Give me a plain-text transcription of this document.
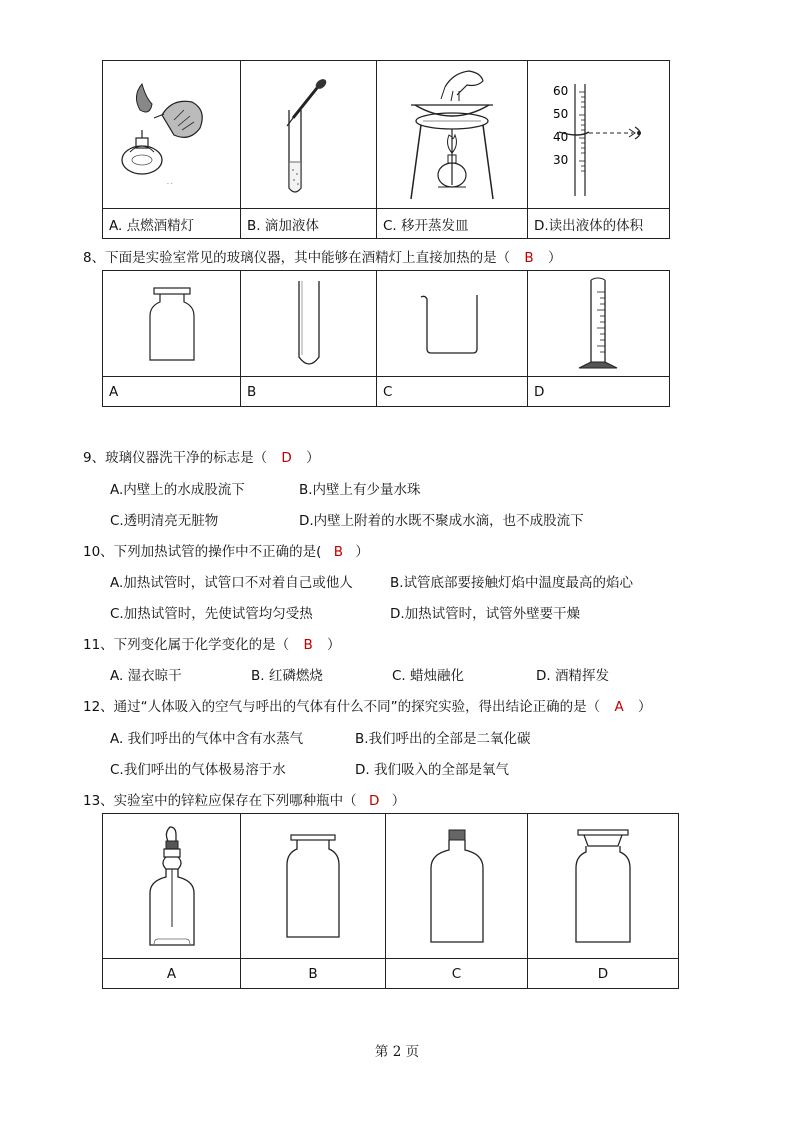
. .			60
50
40
30

A. 点燃酒精灯	B. 滴加液体	C. 移开蒸发皿	D.读出液体的体积
8、下面是实验室常见的玻璃仪器，其中能够在酒精灯上直接加热的是（ B ）

A	B	C	D
9、玻璃仪器洗干净的标志是（ D ）
A.内壁上的水成股流下	B.内壁上有少量水珠
C.透明清亮无脏物	D.内壁上附着的水既不聚成水滴，也不成股流下
10、下列加热试管的操作中不正确的是( B ）
A.加热试管时，试管口不对着自己或他人	B.试管底部要接触灯焰中温度最高的焰心
C.加热试管时，先使试管均匀受热	D.加热试管时，试管外壁要干燥
11、下列变化属于化学变化的是（ B ）
A. 湿衣晾干	B. 红磷燃烧	C. 蜡烛融化	D. 酒精挥发
12、通过“人体吸入的空气与呼出的气体有什么不同”的探究实验，得出结论正确的是（ A ）
A. 我们呼出的气体中含有水蒸气	B.我们呼出的全部是二氧化碳
C.我们呼出的气体极易溶于水	D. 我们吸入的全部是氧气
13、实验室中的锌粒应保存在下列哪种瓶中（ D ）

A	B	C	D
第 2 页
